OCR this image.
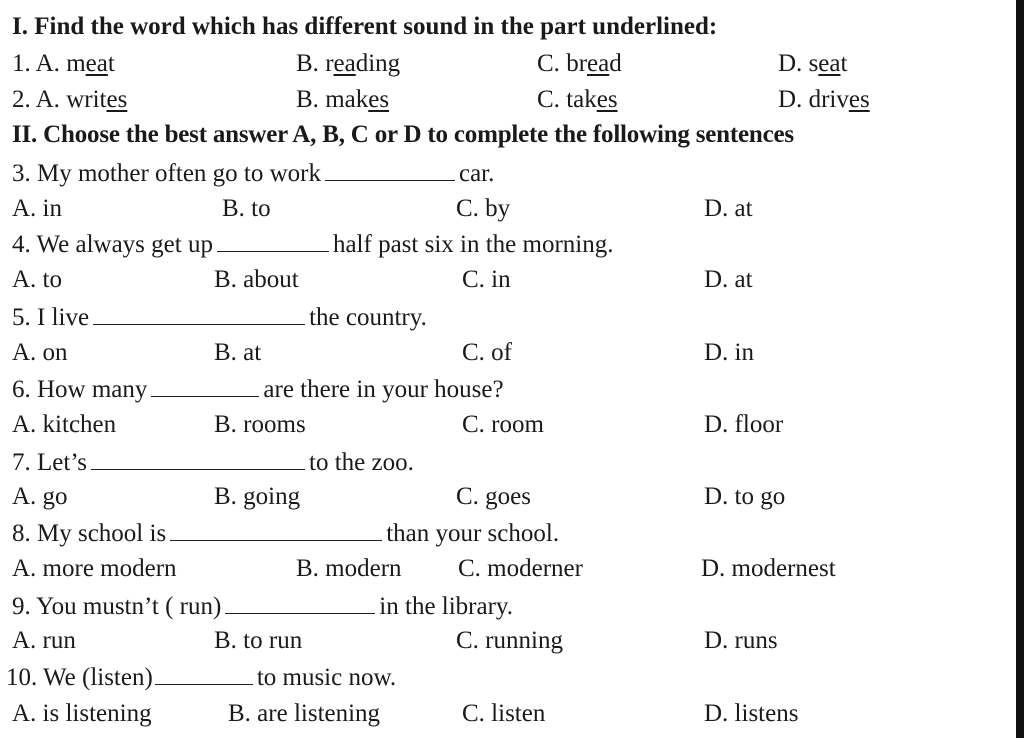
I. Find the word which has different sound in the part underlined:
1. A. meat	B. reading	C. bread	D. seat
2. A. writes	B. makes	C. takes	D. drives
II. Choose the best answer A, B, C or D to complete the following sentences
3. My mother often go to work	car.
A. in	B. to	C. by	D. at
4. We always get up	half past six in the morning.
A. to	B. about	C. in	D. at
5. I live	the country.
A. on	B. at	C. of	D. in
6. How many	are there in your house?
A. kitchen	B. rooms	C. room	D. floor
7. Let’s	to the zoo.
A. go	B. going	C. goes	D. to go
8. My school is	than your school.
A. more modern	B. modern C. moderner	D. modernest
9. You mustn’t ( run)	in the library.
A. run	B. to run	C. running	D. runs
10. We (listen)	to music now.
A. is listening	B. are listening	C. listen	D. listens
